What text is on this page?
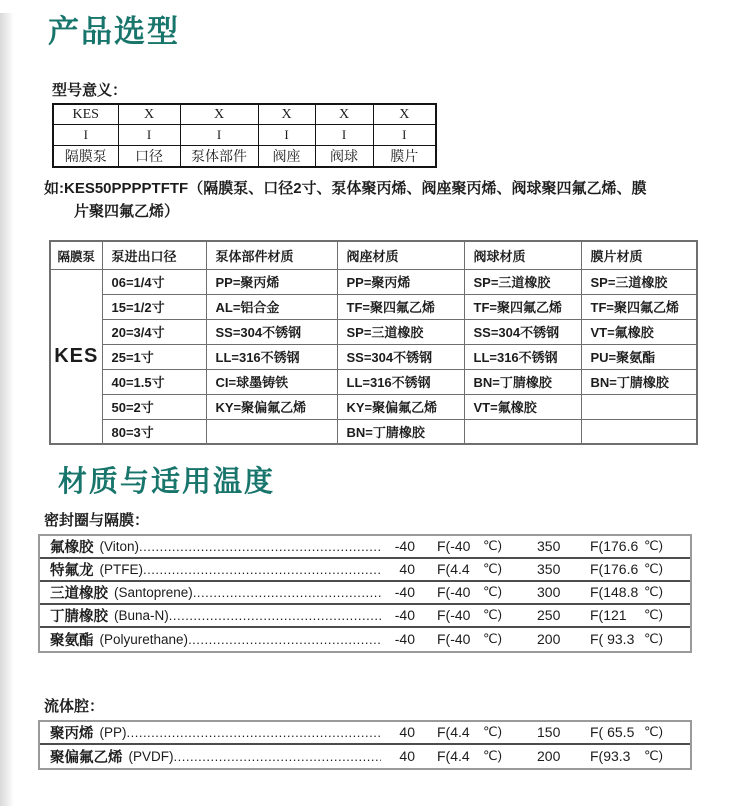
产品选型
型号意义：
KES	X	X	X	X	X
I	I	I	I	I	I
隔膜泵	口径	泵体部件	阀座	阀球	膜片

如:KES50PPPPTFTF（隔膜泵、口径2寸、泵体聚丙烯、阀座聚丙烯、阀球聚四氟乙烯、膜
片聚四氟乙烯）

隔膜泵	泵进出口径	泵体部件材质	阀座材质	阀球材质	膜片材质
KES	06=1/4寸	PP=聚丙烯	PP=聚丙烯	SP=三道橡胶	SP=三道橡胶
	15=1/2寸	AL=铝合金	TF=聚四氟乙烯	TF=聚四氟乙烯	TF=聚四氟乙烯
	20=3/4寸	SS=304不锈钢	SP=三道橡胶	SS=304不锈钢	VT=氟橡胶
	25=1寸	LL=316不锈钢	SS=304不锈钢	LL=316不锈钢	PU=聚氨酯
	40=1.5寸	CI=球墨铸铁	LL=316不锈钢	BN=丁腈橡胶	BN=丁腈橡胶
	50=2寸	KY=聚偏氟乙烯	KY=聚偏氟乙烯	VT=氟橡胶	
	80=3寸		BN=丁腈橡胶		
材质与适用温度
密封圈与隔膜：
氟橡胶 (Viton) .....	-40 F(-40 ℃)	350 F(176.6 ℃)
特氟龙 (PTFE) .....	40 F(4.4	℃)	350 F(176.6 ℃)
三道橡胶 (Santoprene) .....	-40 F(-40 ℃)	300 F(148.8 ℃)
丁腈橡胶 (Buna-N) .....	-40 F(-40 ℃)	250 F(121	℃)
聚氨酯 (Polyurethane) .....	-40 F(-40 ℃)	200 F( 93.3 ℃)
流体腔：
聚丙烯 (PP) .....	40 F(4.4	℃)	150 F( 65.5 ℃)
聚偏氟乙烯 (PVDF) .....	40 F(4.4	℃)	200 F(93.3	℃)
